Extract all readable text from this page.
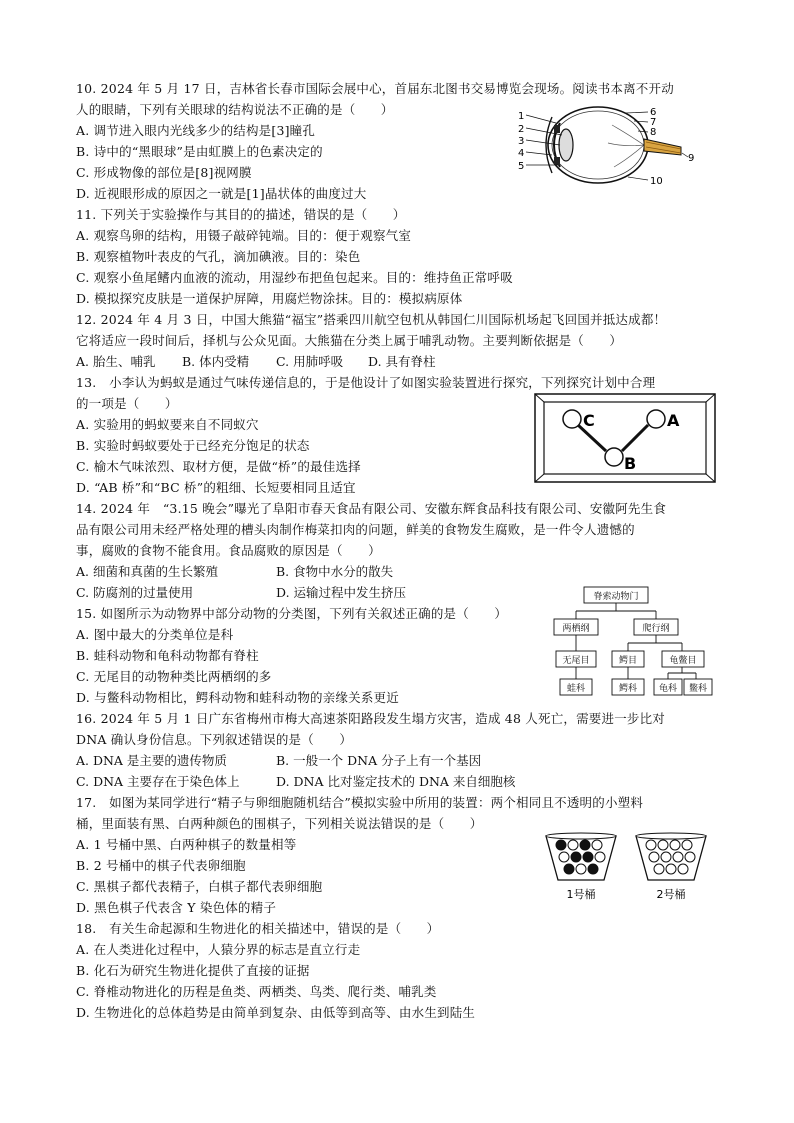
10. 2024 年 5 月 17 日，吉林省长春市国际会展中心，首届东北图书交易博览会现场。阅读书本离不开动
人的眼睛，下列有关眼球的结构说法不正确的是（　　）
A. 调节进入眼内光线多少的结构是[3]瞳孔
B. 诗中的“黑眼球”是由虹膜上的色素决定的
C. 形成物像的部位是[8]视网膜
D. 近视眼形成的原因之一就是[1]晶状体的曲度过大
1
2
3
4
5
6
7
8
9
10
11. 下列关于实验操作与其目的的描述，错误的是（　　）
A. 观察鸟卵的结构，用镊子敲碎钝端。目的：便于观察气室
B. 观察植物叶表皮的气孔，滴加碘液。目的：染色
C. 观察小鱼尾鳍内血液的流动，用湿纱布把鱼包起来。目的：维持鱼正常呼吸
D. 模拟探究皮肤是一道保护屏障，用腐烂物涂抹。目的：模拟病原体
12. 2024 年 4 月 3 日，中国大熊猫“福宝”搭乘四川航空包机从韩国仁川国际机场起飞回国并抵达成都！
它将适应一段时间后，择机与公众见面。大熊猫在分类上属于哺乳动物。主要判断依据是（　　）
A. 胎生、哺乳 B. 体内受精 C. 用肺呼吸 D. 具有脊柱
13.　小李认为蚂蚁是通过气味传递信息的，于是他设计了如图实验装置进行探究，下列探究计划中合理
的一项是（　　）
A. 实验用的蚂蚁要来自不同蚁穴
B. 实验时蚂蚁要处于已经充分饱足的状态
C. 榆木气味浓烈、取材方便，是做“桥”的最佳选择
D. “AB 桥”和“BC 桥”的粗细、长短要相同且适宜
C	A
B
14. 2024 年　“3.15 晚会”曝光了阜阳市春天食品有限公司、安徽东辉食品科技有限公司、安徽阿先生食
品有限公司用未经严格处理的槽头肉制作梅菜扣肉的问题，鲜美的食物发生腐败，是一件令人遗憾的
事，腐败的食物不能食用。食品腐败的原因是（　　）
A. 细菌和真菌的生长繁殖	B. 食物中水分的散失
C. 防腐剂的过量使用	D. 运输过程中发生挤压
15. 如图所示为动物界中部分动物的分类图，下列有关叙述正确的是（　　）
A. 图中最大的分类单位是科
B. 蛙科动物和龟科动物都有脊柱
C. 无尾目的动物种类比两栖纲的多
D. 与鳖科动物相比，鳄科动物和蛙科动物的亲缘关系更近
脊索动物门
两栖纲	爬行纲
无尾目	鳄目	龟鳖目
蛙科	鳄科 龟科 鳖科
16. 2024 年 5 月 1 日广东省梅州市梅大高速茶阳路段发生塌方灾害，造成 48 人死亡，需要进一步比对
DNA 确认身份信息。下列叙述错误的是（　　）
A. DNA 是主要的遗传物质	B. 一般一个 DNA 分子上有一个基因
C. DNA 主要存在于染色体上	D. DNA 比对鉴定技术的 DNA 来自细胞核
17.　如图为某同学进行“精子与卵细胞随机结合”模拟实验中所用的装置：两个相同且不透明的小塑料
桶，里面装有黑、白两种颜色的围棋子，下列相关说法错误的是（　　）
A. 1 号桶中黑、白两种棋子的数量相等
B. 2 号桶中的棋子代表卵细胞
C. 黑棋子都代表精子，白棋子都代表卵细胞
D. 黑色棋子代表含 Y 染色体的精子
1号桶	2号桶
18.　有关生命起源和生物进化的相关描述中，错误的是（　　）
A. 在人类进化过程中，人猿分界的标志是直立行走
B. 化石为研究生物进化提供了直接的证据
C. 脊椎动物进化的历程是鱼类、两栖类、鸟类、爬行类、哺乳类
D. 生物进化的总体趋势是由简单到复杂、由低等到高等、由水生到陆生
